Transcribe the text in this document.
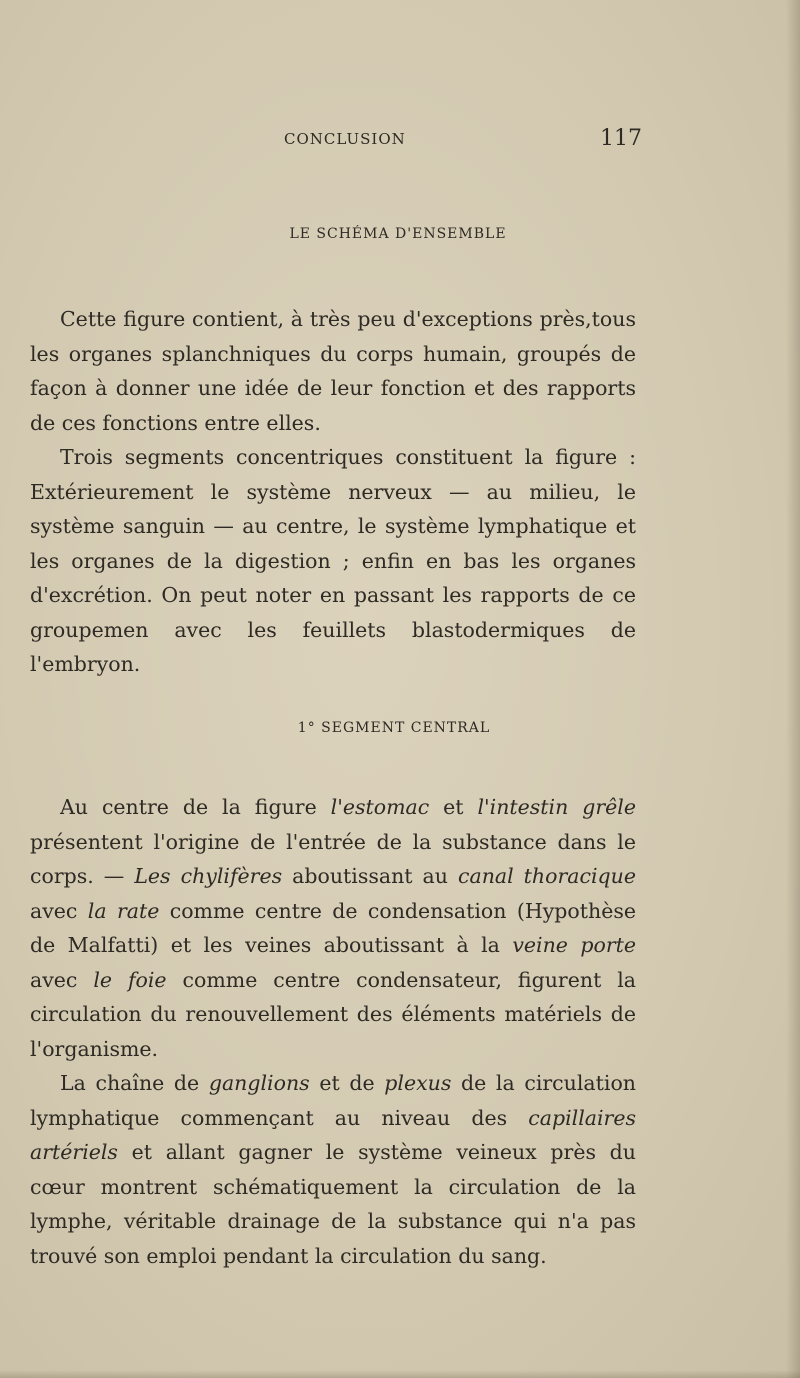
CONCLUSION	117
LE SCHÉMA D'ENSEMBLE

Cette figure contient, à très peu d'exceptions près,tous les organes splanchniques du corps humain, groupés de façon à donner une idée de leur fonction et des rapports de ces fonctions entre elles.

Trois segments concentriques constituent la figure : Extérieurement le système nerveux — au milieu, le système sanguin — au centre, le système lymphatique et les organes de la digestion ; enfin en bas les organes d'excrétion. On peut noter en passant les rapports de ce groupemen avec les feuillets blastodermiques de l'embryon.

1° SEGMENT CENTRAL

Au centre de la figure l'estomac et l'intestin grêle présentent l'origine de l'entrée de la substance dans le corps. — Les chylifères aboutissant au canal thoracique avec la rate comme centre de condensation (Hypothèse de Malfatti) et les veines aboutissant à la veine porte avec le foie comme centre condensateur, figurent la circulation du renouvellement des éléments matériels de l'organisme.

La chaîne de ganglions et de plexus de la circulation lymphatique commençant au niveau des capillaires artériels et allant gagner le système veineux près du cœur montrent schématiquement la circulation de la lymphe, véritable drainage de la substance qui n'a pas trouvé son emploi pendant la circulation du sang.
